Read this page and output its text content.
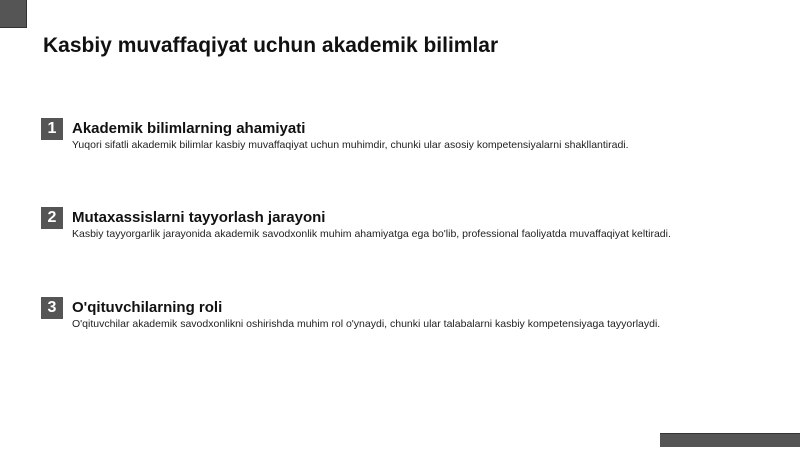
Kasbiy muvaffaqiyat uchun akademik bilimlar
1	Akademik bilimlarning ahamiyati
Yuqori sifatli akademik bilimlar kasbiy muvaffaqiyat uchun muhimdir, chunki ular asosiy kompetensiyalarni shakllantiradi.
2	Mutaxassislarni tayyorlash jarayoni
Kasbiy tayyorgarlik jarayonida akademik savodxonlik muhim ahamiyatga ega bo'lib, professional faoliyatda muvaffaqiyat keltiradi.
3	O'qituvchilarning roli
O'qituvchilar akademik savodxonlikni oshirishda muhim rol o'ynaydi, chunki ular talabalarni kasbiy kompetensiyaga tayyorlaydi.
